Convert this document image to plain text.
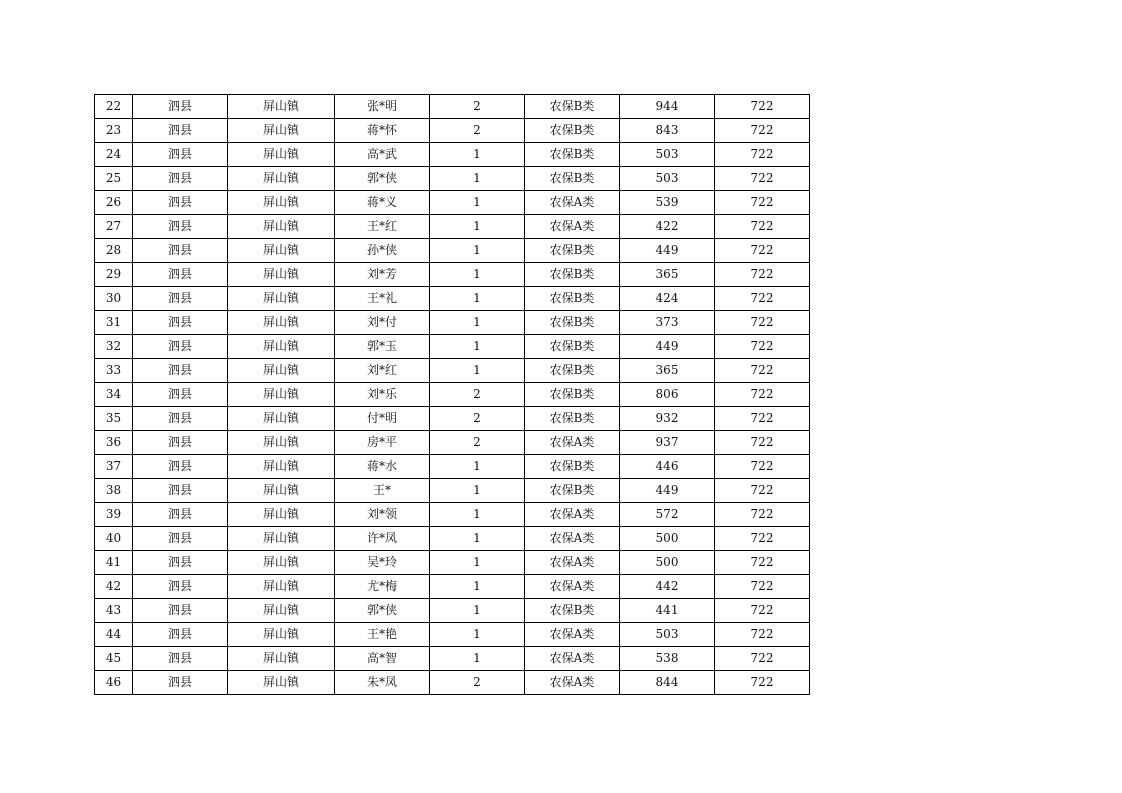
22	泗县	屏山镇	张*明	2	农保B类	944	722
23	泗县	屏山镇	蒋*怀	2	农保B类	843	722
24	泗县	屏山镇	高*武	1	农保B类	503	722
25	泗县	屏山镇	郭*侠	1	农保B类	503	722
26	泗县	屏山镇	蒋*义	1	农保A类	539	722
27	泗县	屏山镇	王*红	1	农保A类	422	722
28	泗县	屏山镇	孙*侠	1	农保B类	449	722
29	泗县	屏山镇	刘*芳	1	农保B类	365	722
30	泗县	屏山镇	王*礼	1	农保B类	424	722
31	泗县	屏山镇	刘*付	1	农保B类	373	722
32	泗县	屏山镇	郭*玉	1	农保B类	449	722
33	泗县	屏山镇	刘*红	1	农保B类	365	722
34	泗县	屏山镇	刘*乐	2	农保B类	806	722
35	泗县	屏山镇	付*明	2	农保B类	932	722
36	泗县	屏山镇	房*平	2	农保A类	937	722
37	泗县	屏山镇	蒋*水	1	农保B类	446	722
38	泗县	屏山镇	王*	1	农保B类	449	722
39	泗县	屏山镇	刘*领	1	农保A类	572	722
40	泗县	屏山镇	许*凤	1	农保A类	500	722
41	泗县	屏山镇	吴*玲	1	农保A类	500	722
42	泗县	屏山镇	尤*梅	1	农保A类	442	722
43	泗县	屏山镇	郭*侠	1	农保B类	441	722
44	泗县	屏山镇	王*艳	1	农保A类	503	722
45	泗县	屏山镇	高*智	1	农保A类	538	722
46	泗县	屏山镇	朱*凤	2	农保A类	844	722
